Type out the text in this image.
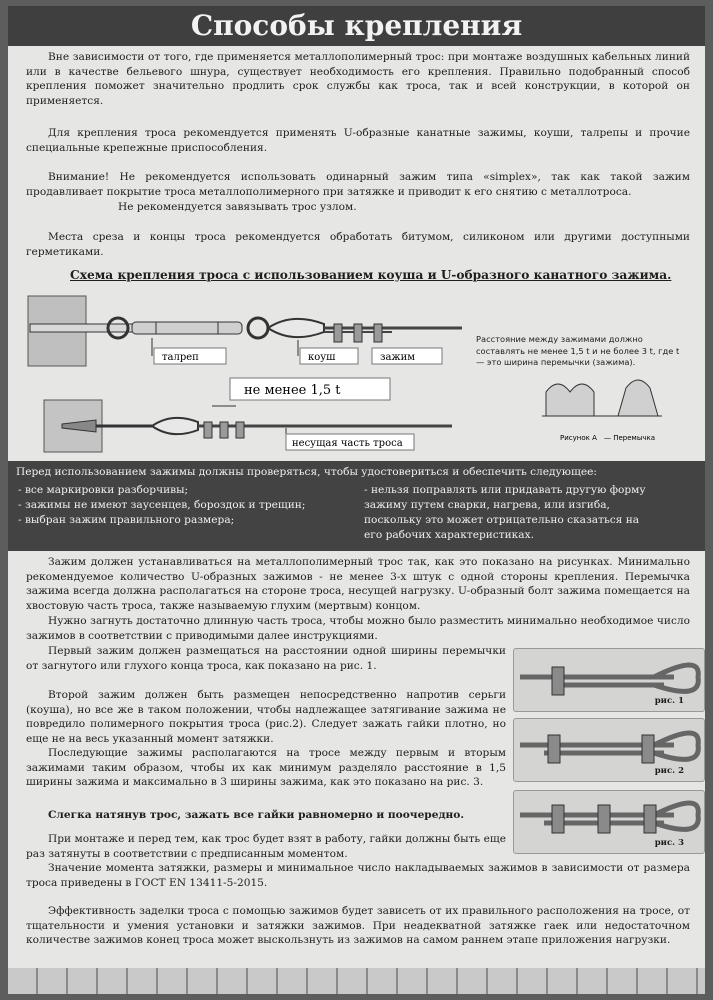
Способы крепления

Вне зависимости от того, где применяется металлополимерный трос: при монтаже воздушных кабельных линий или в качестве бельевого шнура, существует необходимость его крепления. Правильно подобранный способ крепления поможет значительно продлить срок службы как троса, так и всей конструкции, в которой он применяется.

Для крепления троса рекомендуется применять U-образные канатные зажимы, коуши, талрепы и прочие специальные крепежные приспособления.

Внимание! Не рекомендуется использовать одинарный зажим типа «simplex», так как такой зажим продавливает покрытие троса металлополимерного при затяжке и приводит к его снятию с металлотроса.

Не рекомендуется завязывать трос узлом.

Места среза и концы троса рекомендуется обработать битумом, силиконом или другими доступными герметиками.

Схема крепления троса с использованием коуша и U-образного канатного зажима.
талреп	коуш	зажим
не менее 1,5 t
несущая часть троса
Расстояние между зажимами должно составлять не менее 1,5 t и не более 3 t, где t — это ширина перемычки (зажима).
Рисунок А — Перемычка
Перед использованием зажимы должны проверяться, чтобы удостовериться и обеспечить следующее:
- все маркировки разборчивы;
- зажимы не имеют заусенцев, бороздок и трещин;
- выбран зажим правильного размера;
- нельзя поправлять или придавать другую форму
зажиму путем сварки, нагрева, или изгиба,
поскольку это может отрицательно сказаться на
его рабочих характеристиках.

Зажим должен устанавливаться на металлополимерный трос так, как это показано на рисунках. Минимально рекомендуемое количество U-образных зажимов - не менее 3-х штук с одной стороны крепления. Перемычка зажима всегда должна располагаться на стороне троса, несущей нагрузку. U-образный болт зажима помещается на хвостовую часть троса, также называемую глухим (мертвым) концом.

Нужно загнуть достаточно длинную часть троса, чтобы можно было разместить минимально необходимое число зажимов в соответствии с приводимыми далее инструкциями.

Первый зажим должен размещаться на расстоянии одной ширины перемычки от загнутого или глухого конца троса, как показано на рис. 1.

Второй зажим должен быть размещен непосредственно напротив серьги (коуша), но все же в таком положении, чтобы надлежащее затягивание зажима не повредило полимерного покрытия троса (рис.2). Следует зажать гайки плотно, но еще не на весь указанный момент затяжки.

Последующие зажимы располагаются на тросе между первым и вторым зажимами таким образом, чтобы их как минимум разделяло расстояние в 1,5 ширины зажима и максимально в 3 ширины зажима, как это показано на рис. 3.

Слегка натянув трос, зажать все гайки равномерно и поочередно.

При монтаже и перед тем, как трос будет взят в работу, гайки должны быть еще раз затянуты в соответствии с предписанным моментом.

Значение момента затяжки, размеры и минимальное число накладываемых зажимов в зависимости от размера троса приведены в ГОСТ EN 13411-5-2015.

Эффективность заделки троса с помощью зажимов будет зависеть от их правильного расположения на тросе, от тщательности и умения установки и затяжки зажимов. При неадекватной затяжке гаек или недостаточном количестве зажимов конец троса может выскользнуть из зажимов на самом раннем этапе приложения нагрузки.

рис. 1
рис. 2
рис. 3
